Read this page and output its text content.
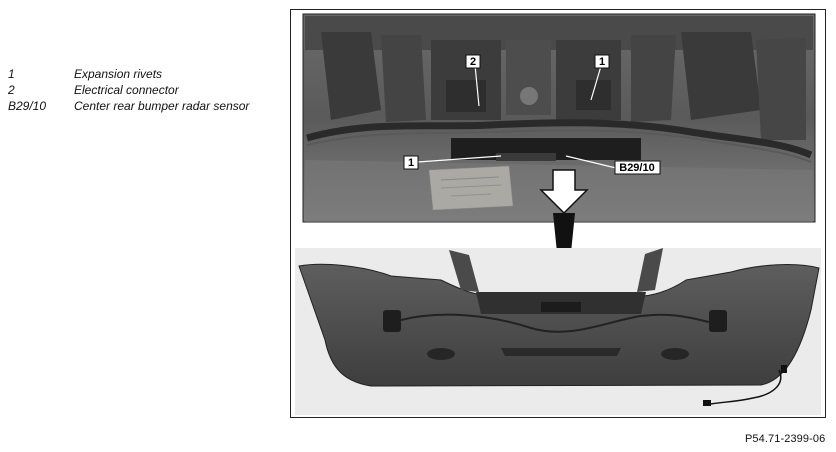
1	Expansion rivets
2	Electrical connector
B29/10	Center rear bumper radar sensor
2	1
1	B29/10
P54.71-2399-06
